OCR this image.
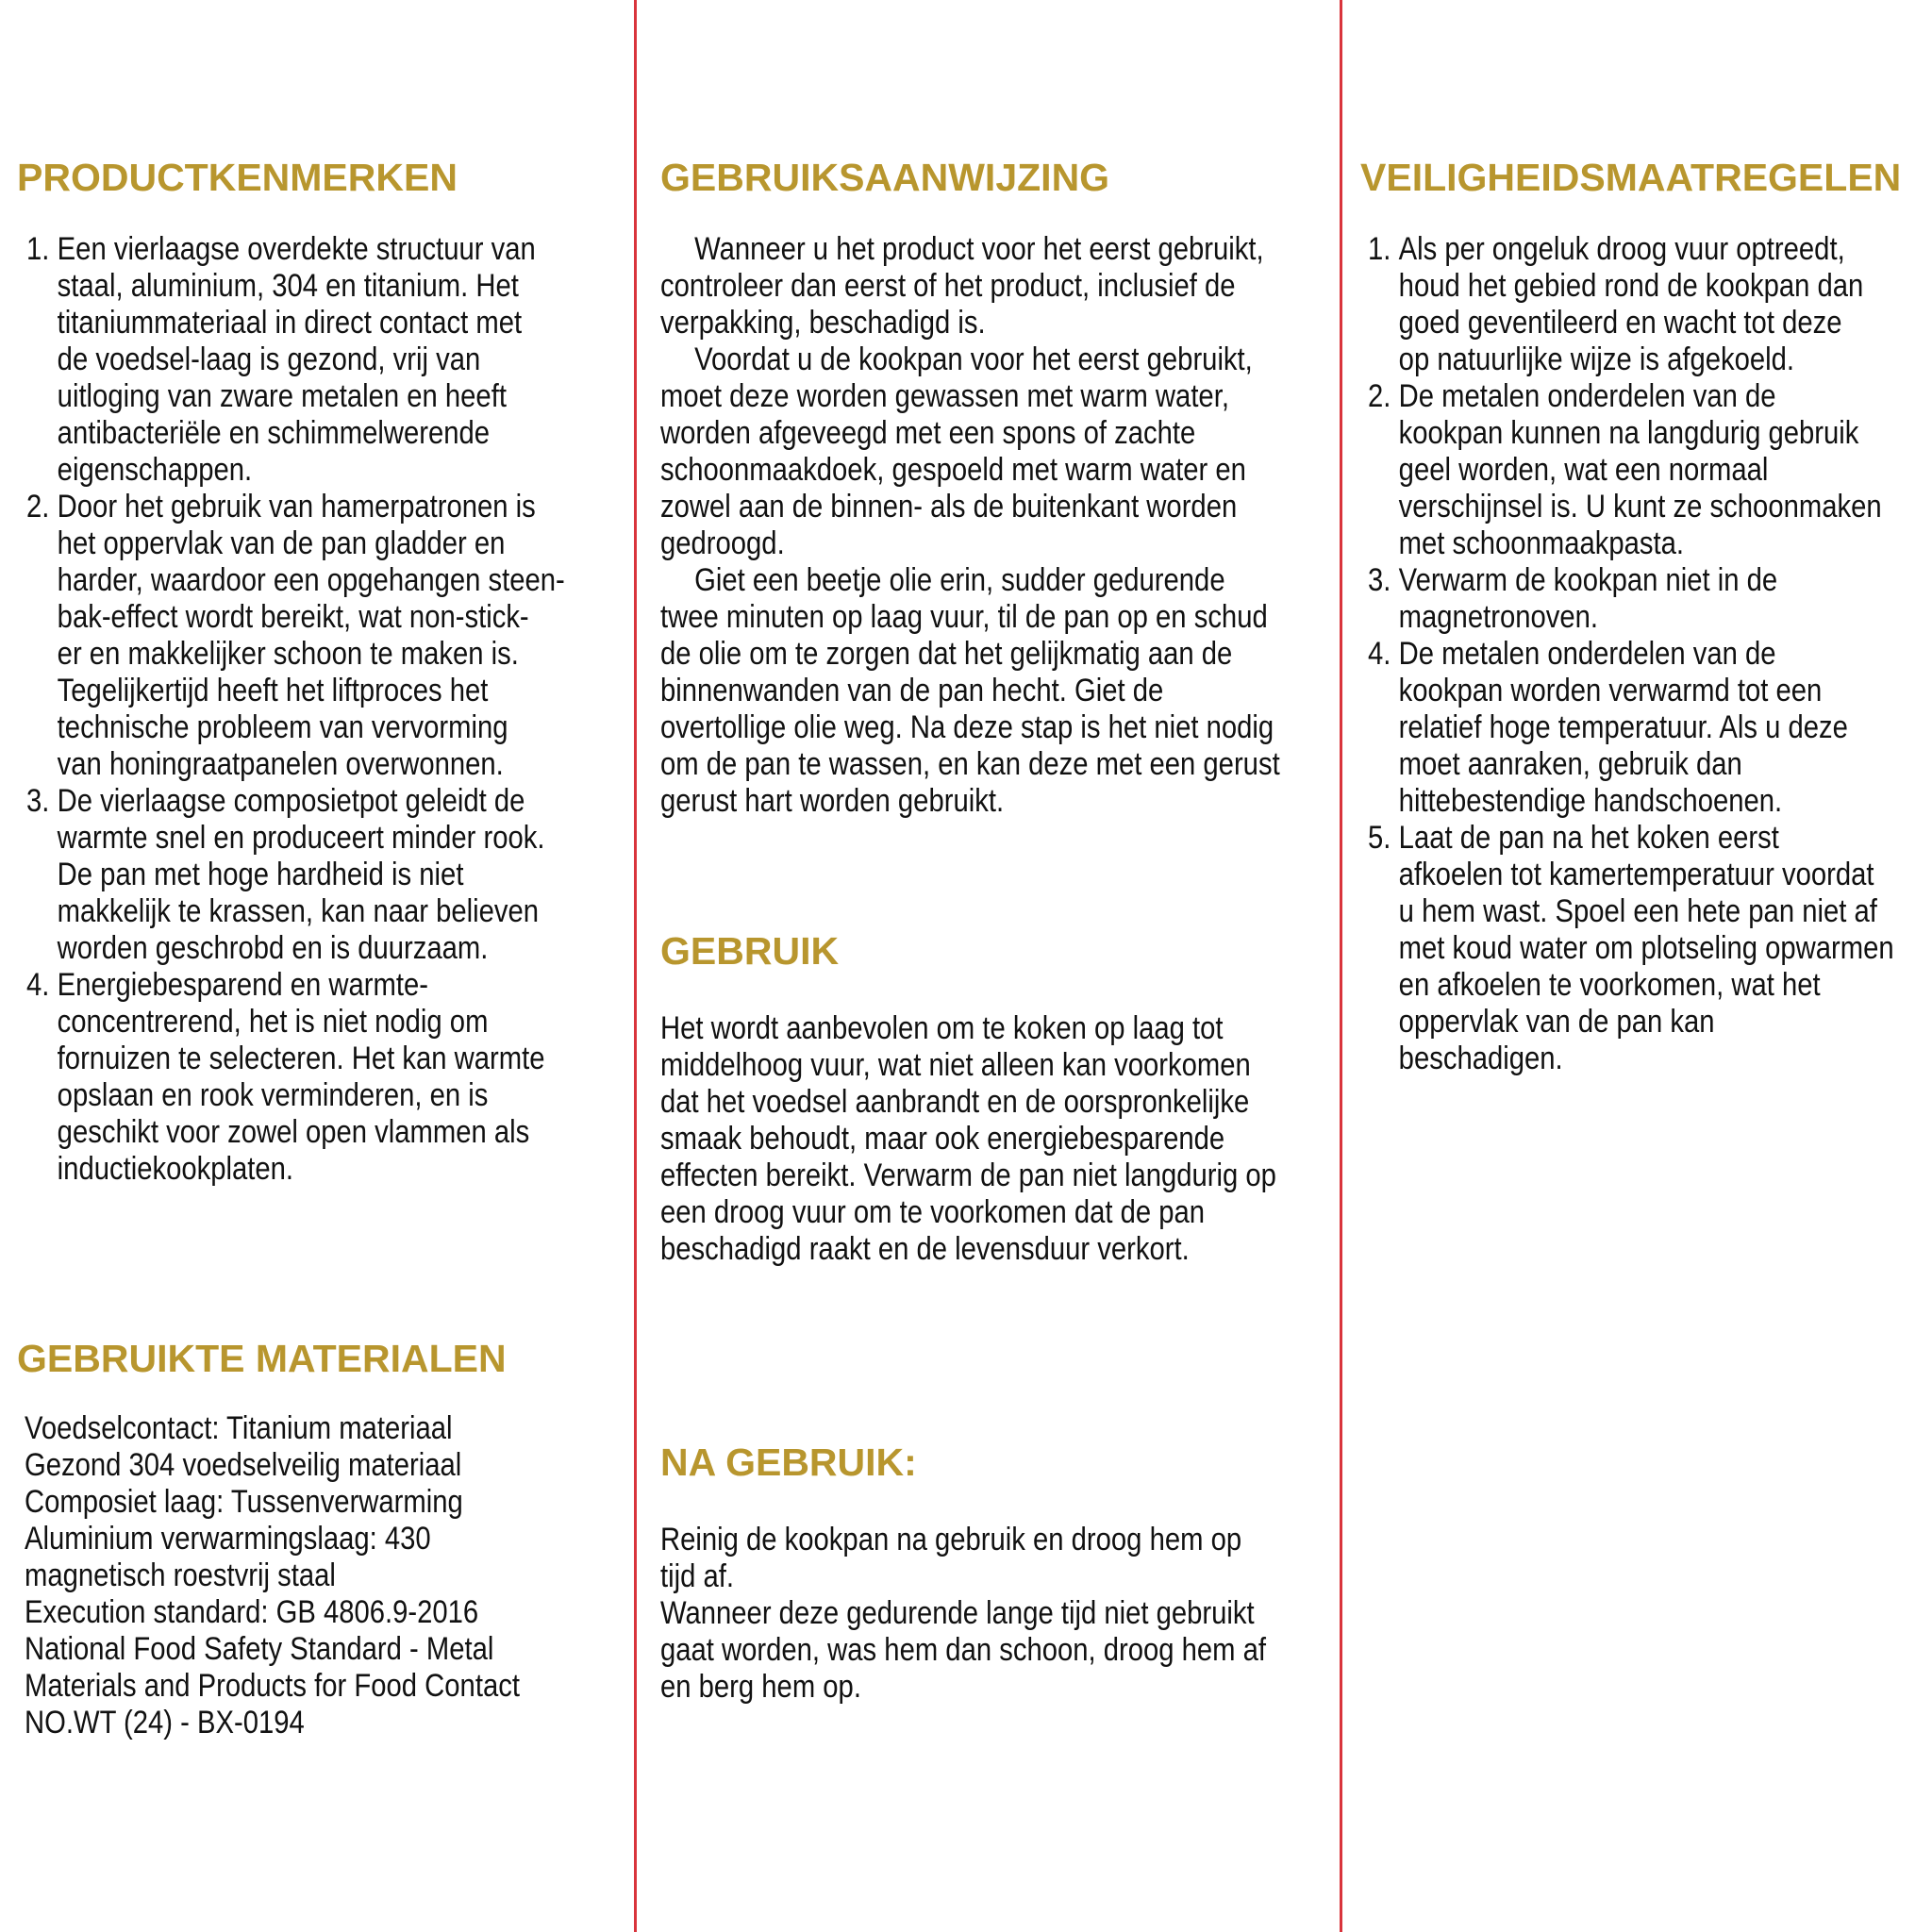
PRODUCTKENMERKEN
1. Een vierlaagse overdekte structuur van
staal, aluminium, 304 en titanium. Het
titaniummateriaal in direct contact met
de voedsel-laag is gezond, vrij van
uitloging van zware metalen en heeft
antibacteriële en schimmelwerende
eigenschappen.
2. Door het gebruik van hamerpatronen is
het oppervlak van de pan gladder en
harder, waardoor een opgehangen steen-
bak-effect wordt bereikt, wat non-stick-
er en makkelijker schoon te maken is.
Tegelijkertijd heeft het liftproces het
technische probleem van vervorming
van honingraatpanelen overwonnen.
3. De vierlaagse composietpot geleidt de
warmte snel en produceert minder rook.
De pan met hoge hardheid is niet
makkelijk te krassen, kan naar believen
worden geschrobd en is duurzaam.
4. Energiebesparend en warmte-
concentrerend, het is niet nodig om
fornuizen te selecteren. Het kan warmte
opslaan en rook verminderen, en is
geschikt voor zowel open vlammen als
inductiekookplaten.
GEBRUIKSAANWIJZING
Wanneer u het product voor het eerst gebruikt,
controleer dan eerst of het product, inclusief de
verpakking, beschadigd is.
Voordat u de kookpan voor het eerst gebruikt,
moet deze worden gewassen met warm water,
worden afgeveegd met een spons of zachte
schoonmaakdoek, gespoeld met warm water en
zowel aan de binnen- als de buitenkant worden
gedroogd.
Giet een beetje olie erin, sudder gedurende
twee minuten op laag vuur, til de pan op en schud
de olie om te zorgen dat het gelijkmatig aan de
binnenwanden van de pan hecht. Giet de
overtollige olie weg. Na deze stap is het niet nodig
om de pan te wassen, en kan deze met een gerust
gerust hart worden gebruikt.
VEILIGHEIDSMAATREGELEN
1. Als per ongeluk droog vuur optreedt,
houd het gebied rond de kookpan dan
goed geventileerd en wacht tot deze
op natuurlijke wijze is afgekoeld.
2. De metalen onderdelen van de
kookpan kunnen na langdurig gebruik
geel worden, wat een normaal
verschijnsel is. U kunt ze schoonmaken
met schoonmaakpasta.
3. Verwarm de kookpan niet in de
magnetronoven.
4. De metalen onderdelen van de
kookpan worden verwarmd tot een
relatief hoge temperatuur. Als u deze
moet aanraken, gebruik dan
hittebestendige handschoenen.
5. Laat de pan na het koken eerst
afkoelen tot kamertemperatuur voordat
u hem wast. Spoel een hete pan niet af
met koud water om plotseling opwarmen
en afkoelen te voorkomen, wat het
oppervlak van de pan kan
beschadigen.
GEBRUIK
Het wordt aanbevolen om te koken op laag tot
middelhoog vuur, wat niet alleen kan voorkomen
dat het voedsel aanbrandt en de oorspronkelijke
smaak behoudt, maar ook energiebesparende
effecten bereikt. Verwarm de pan niet langdurig op
een droog vuur om te voorkomen dat de pan
beschadigd raakt en de levensduur verkort.
NA GEBRUIK:
Reinig de kookpan na gebruik en droog hem op
tijd af.
Wanneer deze gedurende lange tijd niet gebruikt
gaat worden, was hem dan schoon, droog hem af
en berg hem op.
GEBRUIKTE MATERIALEN
Voedselcontact: Titanium materiaal
Gezond 304 voedselveilig materiaal
Composiet laag: Tussenverwarming
Aluminium verwarmingslaag: 430
magnetisch roestvrij staal
Execution standard: GB 4806.9-2016
National Food Safety Standard - Metal
Materials and Products for Food Contact
NO.WT (24) - BX-0194
